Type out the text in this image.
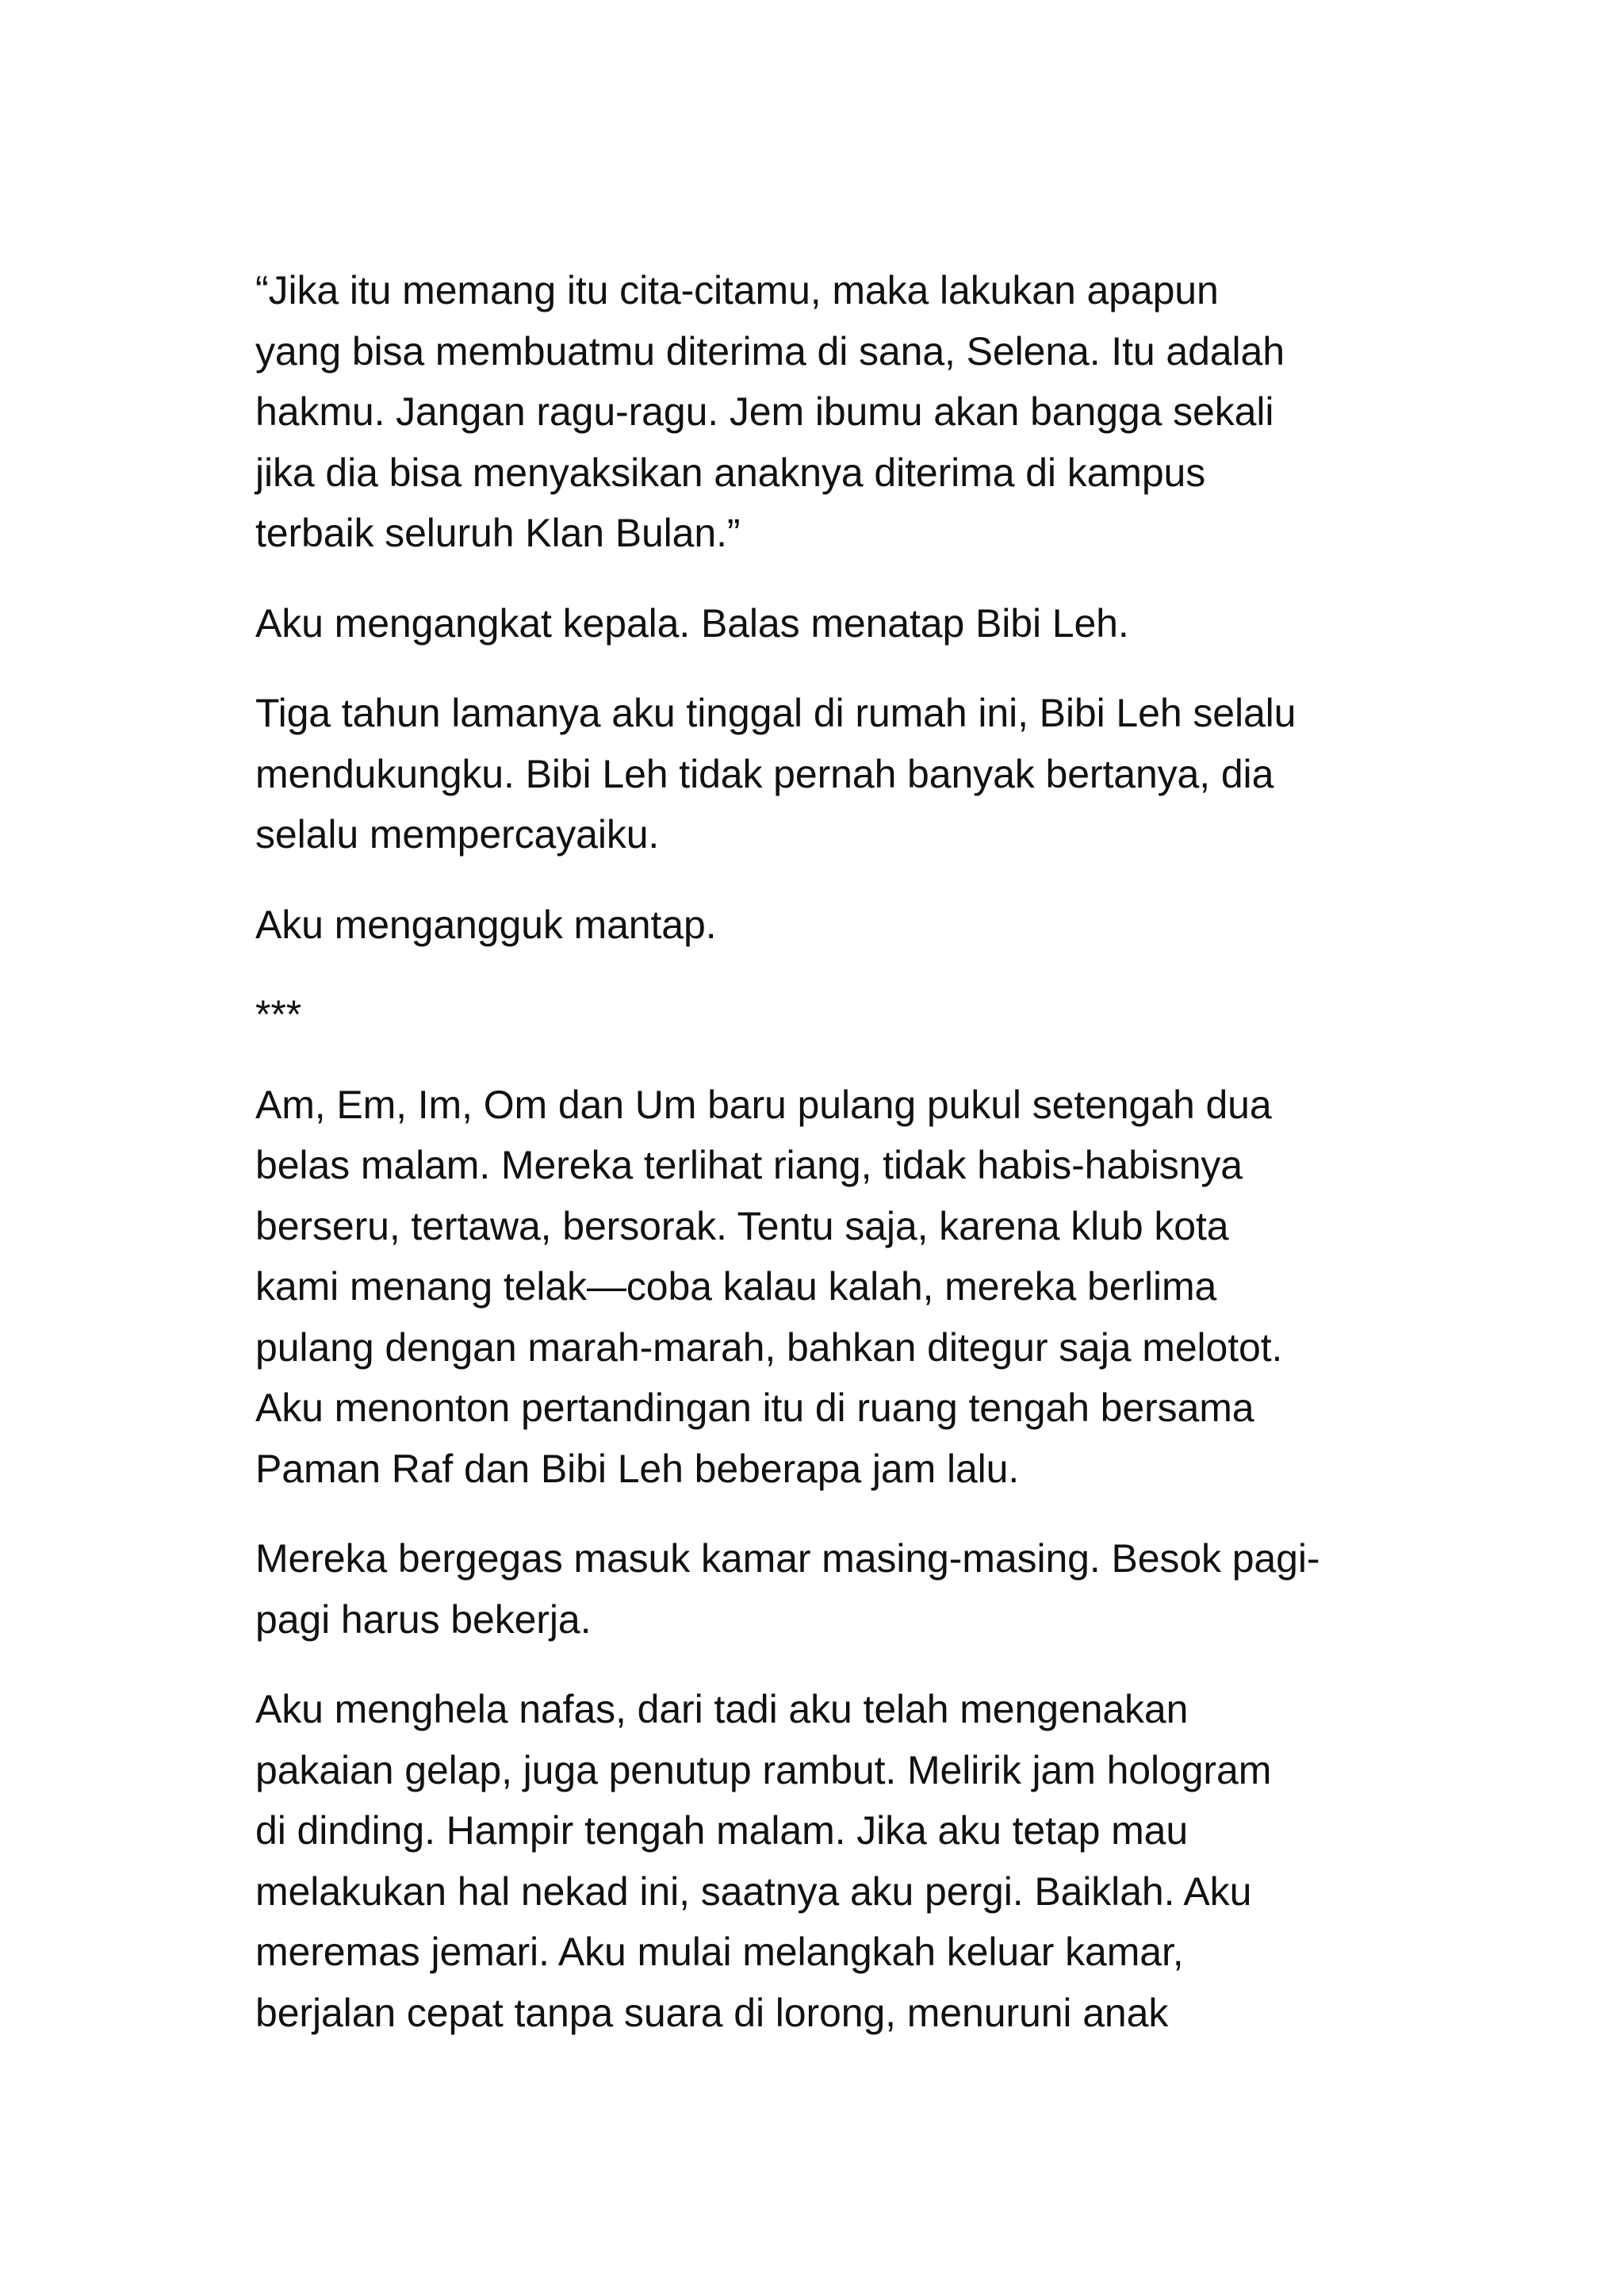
“Jika itu memang itu cita-citamu, maka lakukan apapun
yang bisa membuatmu diterima di sana, Selena. Itu adalah
hakmu. Jangan ragu-ragu. Jem ibumu akan bangga sekali
jika dia bisa menyaksikan anaknya diterima di kampus
terbaik seluruh Klan Bulan.”

Aku mengangkat kepala. Balas menatap Bibi Leh.

Tiga tahun lamanya aku tinggal di rumah ini, Bibi Leh selalu
mendukungku. Bibi Leh tidak pernah banyak bertanya, dia
selalu mempercayaiku.

Aku mengangguk mantap.

***

Am, Em, Im, Om dan Um baru pulang pukul setengah dua
belas malam. Mereka terlihat riang, tidak habis-habisnya
berseru, tertawa, bersorak. Tentu saja, karena klub kota
kami menang telak—coba kalau kalah, mereka berlima
pulang dengan marah-marah, bahkan ditegur saja melotot.
Aku menonton pertandingan itu di ruang tengah bersama
Paman Raf dan Bibi Leh beberapa jam lalu.

Mereka bergegas masuk kamar masing-masing. Besok pagi-
pagi harus bekerja.

Aku menghela nafas, dari tadi aku telah mengenakan
pakaian gelap, juga penutup rambut. Melirik jam hologram
di dinding. Hampir tengah malam. Jika aku tetap mau
melakukan hal nekad ini, saatnya aku pergi. Baiklah. Aku
meremas jemari. Aku mulai melangkah keluar kamar,
berjalan cepat tanpa suara di lorong, menuruni anak
